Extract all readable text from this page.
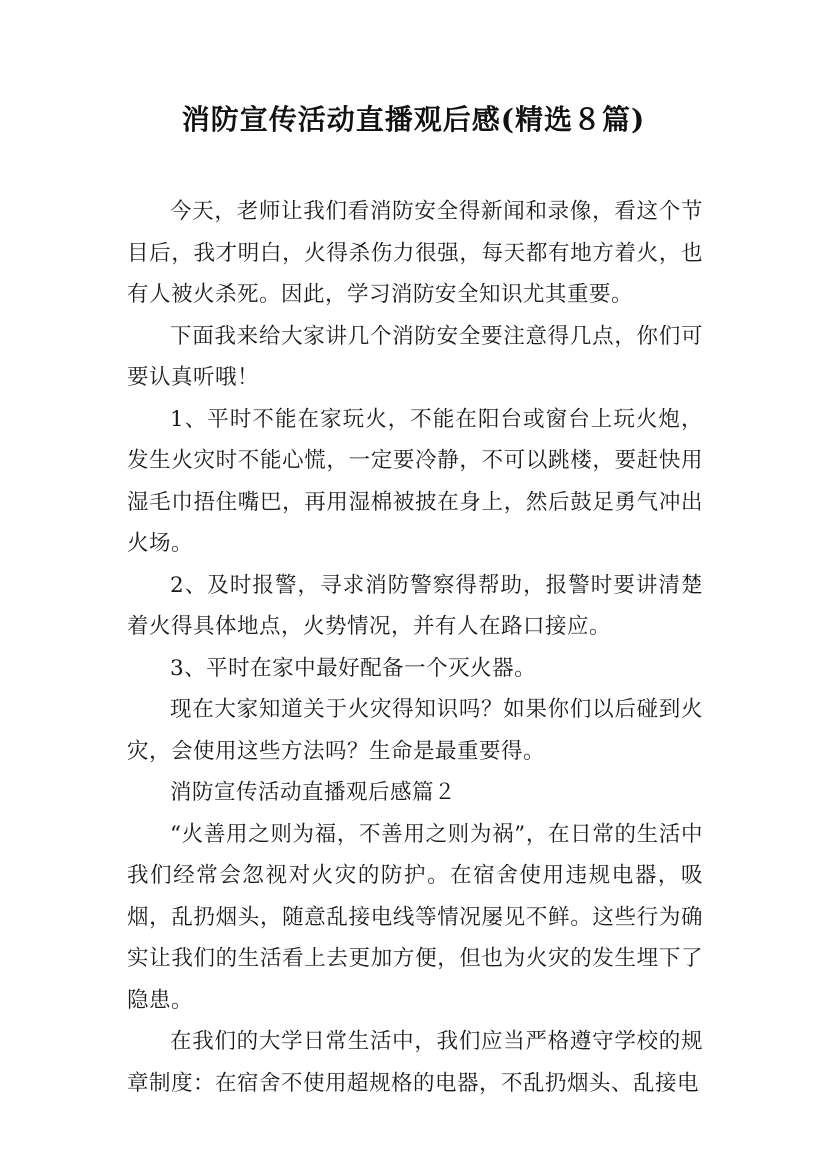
消防宣传活动直播观后感(精选８篇)

今天，老师让我们看消防安全得新闻和录像，看这个节目后，我才明白，火得杀伤力很强，每天都有地方着火，也有人被火杀死。因此，学习消防安全知识尤其重要。

下面我来给大家讲几个消防安全要注意得几点，你们可要认真听哦！

1、平时不能在家玩火，不能在阳台或窗台上玩火炮，发生火灾时不能心慌，一定要冷静，不可以跳楼，要赶快用湿毛巾捂住嘴巴，再用湿棉被披在身上，然后鼓足勇气冲出火场。

2、及时报警，寻求消防警察得帮助，报警时要讲清楚着火得具体地点，火势情况，并有人在路口接应。

3、平时在家中最好配备一个灭火器。

现在大家知道关于火灾得知识吗？如果你们以后碰到火灾，会使用这些方法吗？生命是最重要得。

消防宣传活动直播观后感篇２

“火善用之则为福，不善用之则为祸”，在日常的生活中我们经常会忽视对火灾的防护。在宿舍使用违规电器，吸烟，乱扔烟头，随意乱接电线等情况屡见不鲜。这些行为确实让我们的生活看上去更加方便，但也为火灾的发生埋下了隐患。

在我们的大学日常生活中，我们应当严格遵守学校的规章制度：在宿舍不使用超规格的电器，不乱扔烟头、乱接电
